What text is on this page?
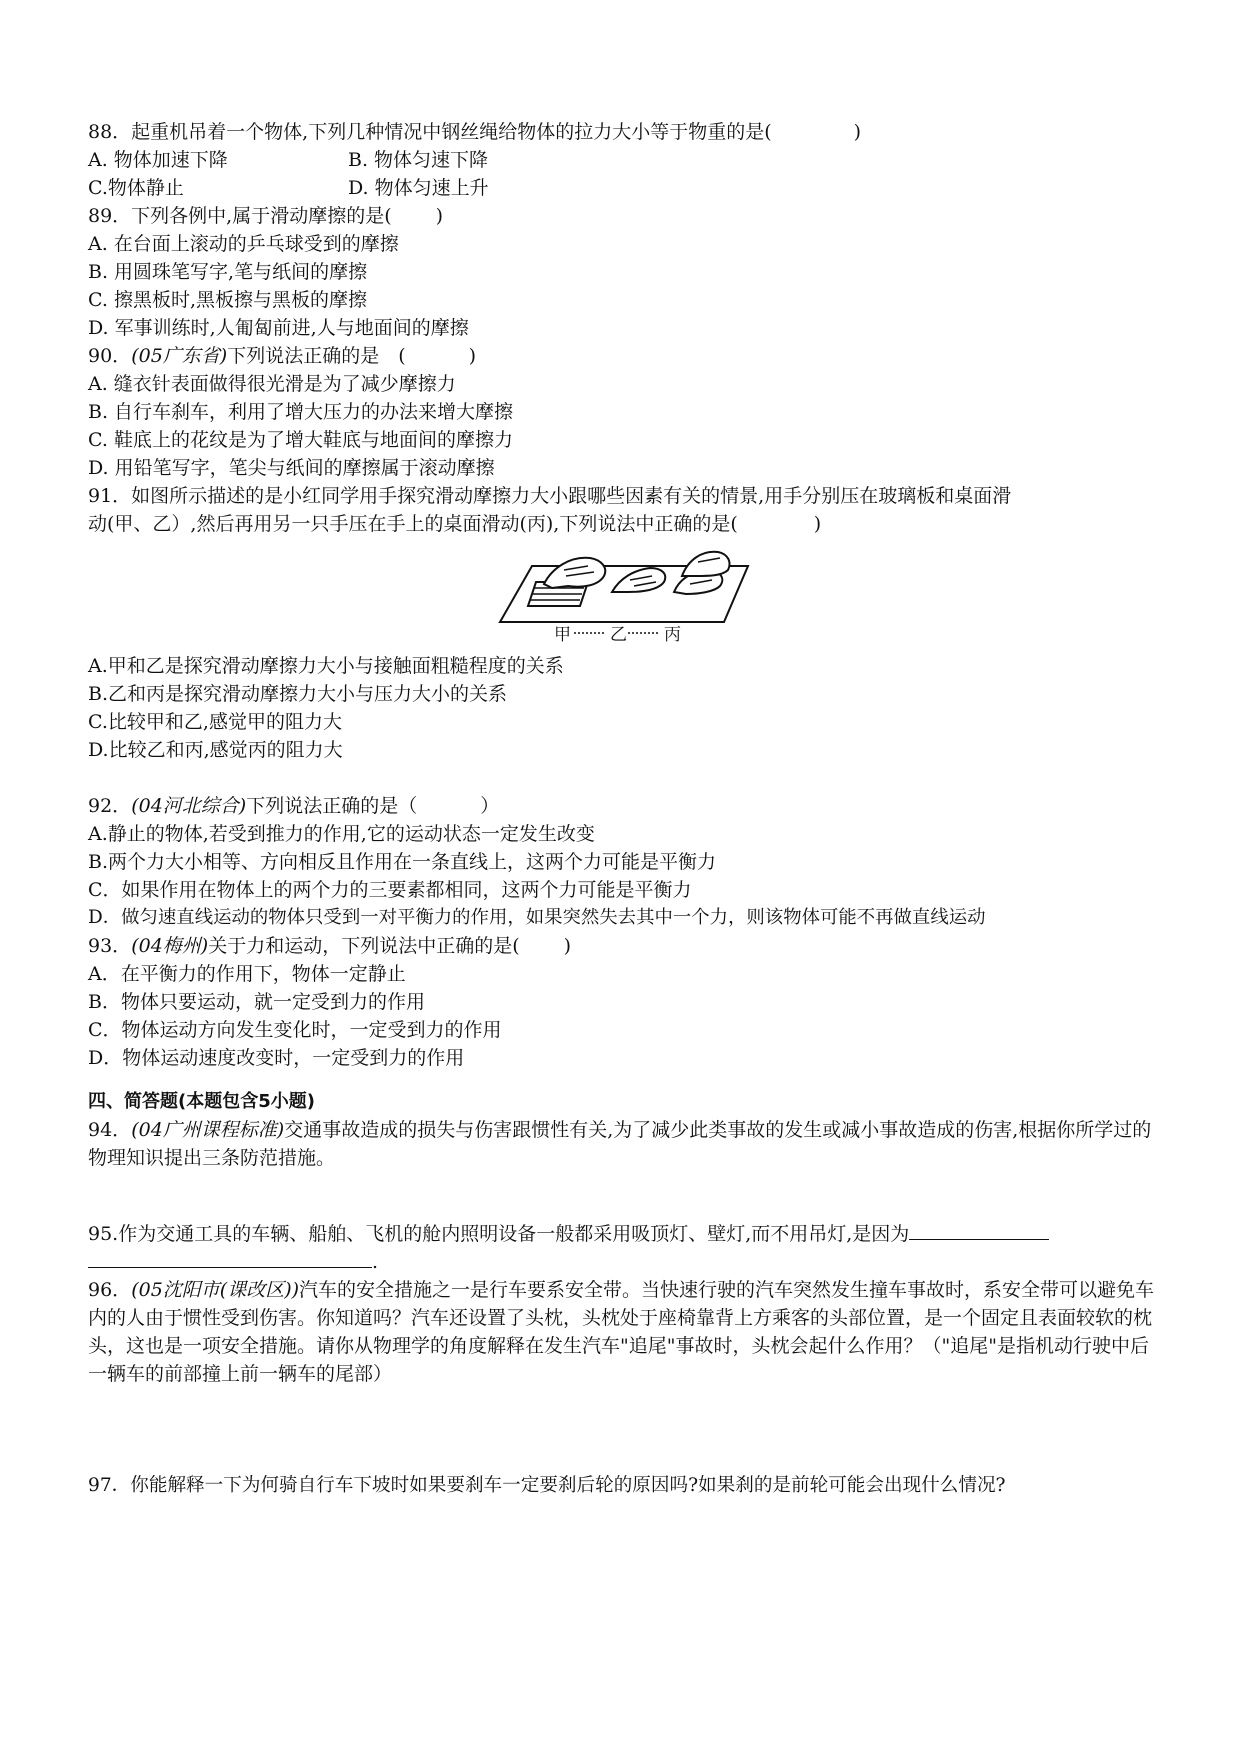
88．起重机吊着一个物体,下列几种情况中钢丝绳给物体的拉力大小等于物重的是(　　　　 )
A. 物体加速下降	B. 物体匀速下降
C.物体静止	D. 物体匀速上升
89．下列各例中,属于滑动摩擦的是(　　 )
A. 在台面上滚动的乒乓球受到的摩擦
B. 用圆珠笔写字,笔与纸间的摩擦
C. 擦黑板时,黑板擦与黑板的摩擦
D. 军事训练时,人匍匐前进,人与地面间的摩擦
90．(05广东省)下列说法正确的是　(　　　 )
A. 缝衣针表面做得很光滑是为了减少摩擦力
B. 自行车刹车，利用了增大压力的办法来增大摩擦
C. 鞋底上的花纹是为了增大鞋底与地面间的摩擦力
D. 用铅笔写字，笔尖与纸间的摩擦属于滚动摩擦
91．如图所示描述的是小红同学用手探究滑动摩擦力大小跟哪些因素有关的情景,用手分别压在玻璃板和桌面滑
动(甲、乙）,然后再用另一只手压在手上的桌面滑动(丙),下列说法中正确的是(　　　　)
甲 乙 丙
A.甲和乙是探究滑动摩擦力大小与接触面粗糙程度的关系
B.乙和丙是探究滑动摩擦力大小与压力大小的关系
C.比较甲和乙,感觉甲的阻力大
D.比较乙和丙,感觉丙的阻力大
92．(04河北综合)下列说法正确的是（　　　 ）
A.静止的物体,若受到推力的作用,它的运动状态一定发生改变
B.两个力大小相等、方向相反且作用在一条直线上，这两个力可能是平衡力
C．如果作用在物体上的两个力的三要素都相同，这两个力可能是平衡力
D．做匀速直线运动的物体只受到一对平衡力的作用，如果突然失去其中一个力，则该物体可能不再做直线运动
93．(04梅州)关于力和运动，下列说法中正确的是(　　 )
A．在平衡力的作用下，物体一定静止
B．物体只要运动，就一定受到力的作用
C．物体运动方向发生变化时，一定受到力的作用
D．物体运动速度改变时，一定受到力的作用
四、简答题(本题包含5小题)
94．(04广州课程标准)交通事故造成的损失与伤害跟惯性有关,为了减少此类事故的发生或减小事故造成的伤害,根据你所学过的物理知识提出三条防范措施。
95.作为交通工具的车辆、船舶、飞机的舱内照明设备一般都采用吸顶灯、壁灯,而不用吊灯,是因为
.
96．(05沈阳市(课改区))汽车的安全措施之一是行车要系安全带。当快速行驶的汽车突然发生撞车事故时，系安全带可以避免车内的人由于惯性受到伤害。你知道吗？汽车还设置了头枕，头枕处于座椅靠背上方乘客的头部位置，是一个固定且表面较软的枕头，这也是一项安全措施。请你从物理学的角度解释在发生汽车"追尾"事故时，头枕会起什么作用？（"追尾"是指机动行驶中后一辆车的前部撞上前一辆车的尾部）
97．你能解释一下为何骑自行车下坡时如果要刹车一定要刹后轮的原因吗?如果刹的是前轮可能会出现什么情况?
